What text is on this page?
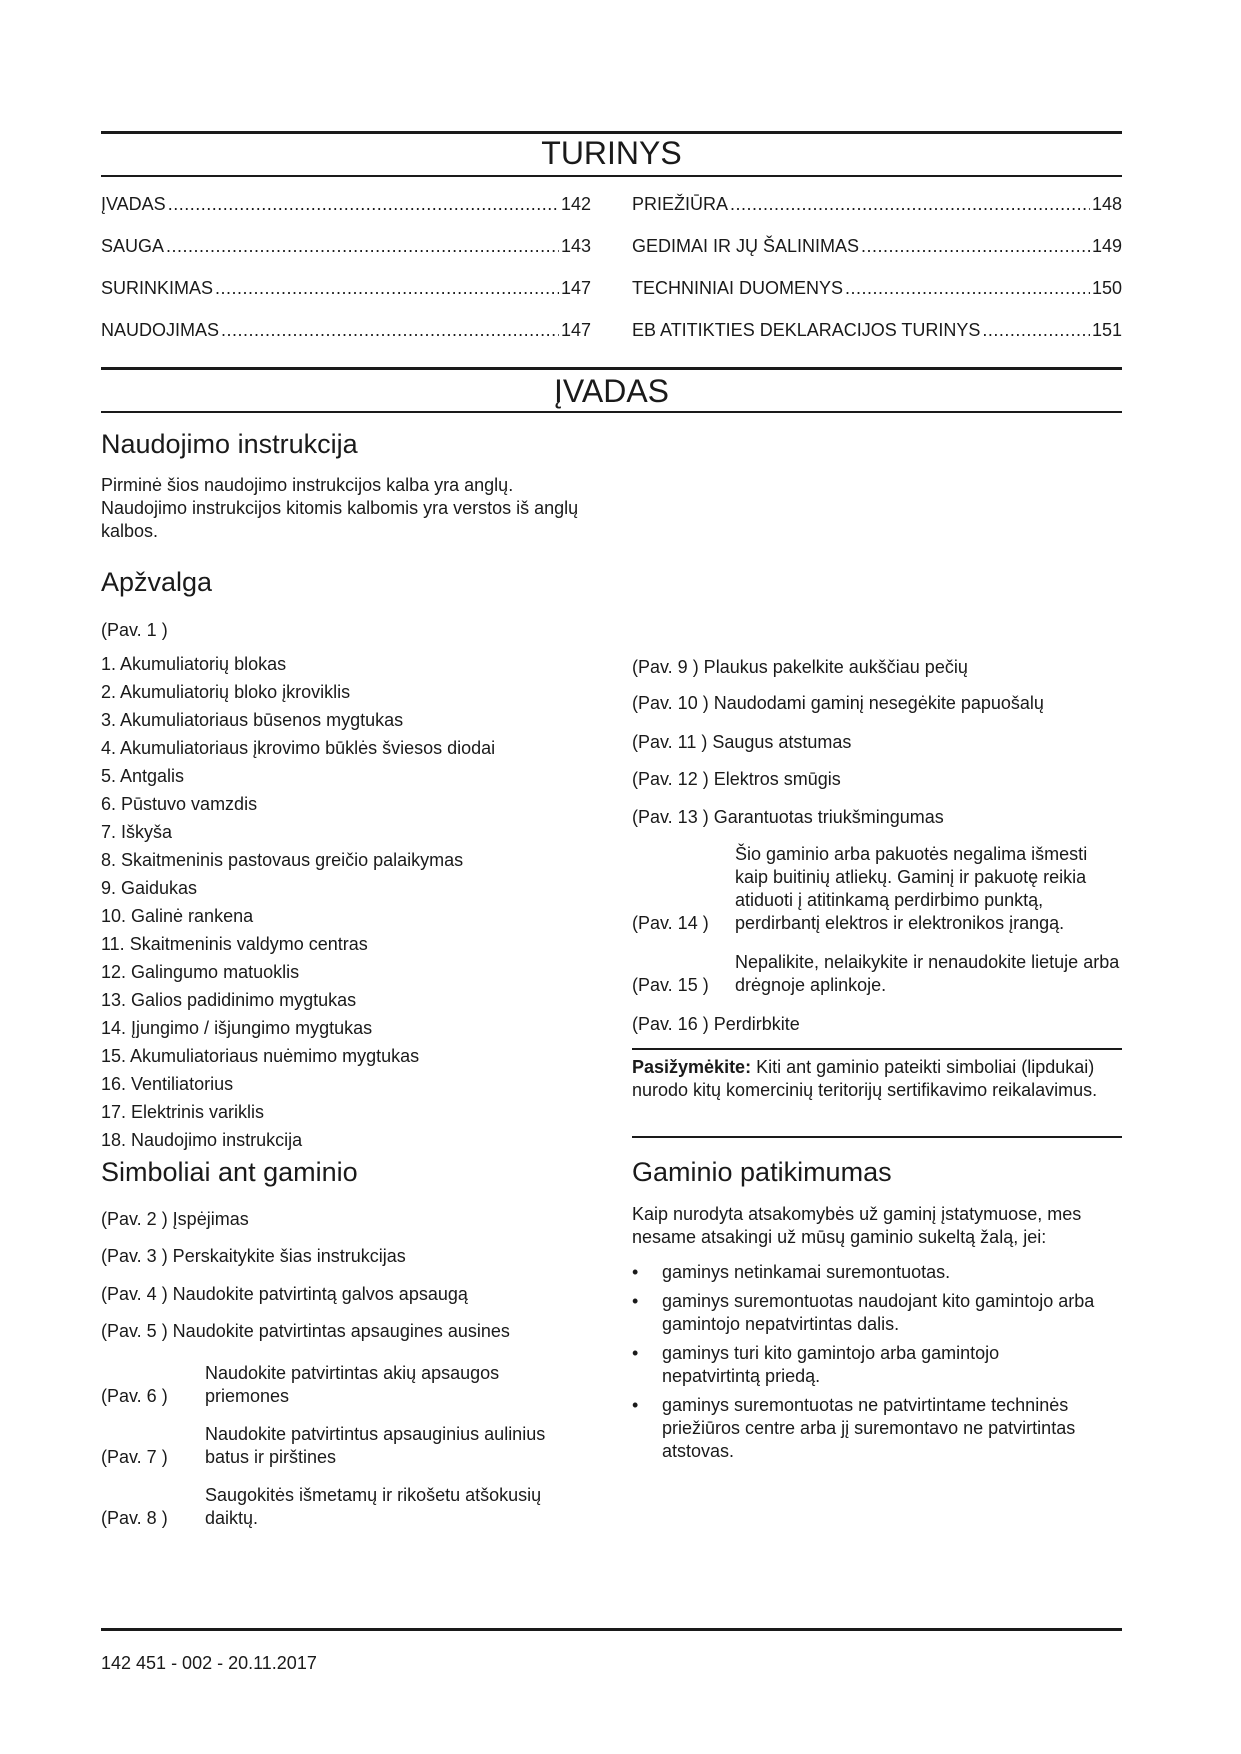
TURINYS
ĮVADAS .....	142
SAUGA .....	143
SURINKIMAS .....	147
NAUDOJIMAS .....	147
PRIEŽIŪRA .....	148
GEDIMAI IR JŲ ŠALINIMAS .....	149
TECHNINIAI DUOMENYS .....	150
EB ATITIKTIES DEKLARACIJOS TURINYS .....	151
ĮVADAS
Naudojimo instrukcija
Pirminė šios naudojimo instrukcijos kalba yra anglų. Naudojimo instrukcijos kitomis kalbomis yra verstos iš anglų kalbos.
Apžvalga
(Pav. 1 )
1. Akumuliatorių blokas
2. Akumuliatorių bloko įkroviklis
3. Akumuliatoriaus būsenos mygtukas
4. Akumuliatoriaus įkrovimo būklės šviesos diodai
5. Antgalis
6. Pūstuvo vamzdis
7. Iškyša
8. Skaitmeninis pastovaus greičio palaikymas
9. Gaidukas
10. Galinė rankena
11. Skaitmeninis valdymo centras
12. Galingumo matuoklis
13. Galios padidinimo mygtukas
14. Įjungimo / išjungimo mygtukas
15. Akumuliatoriaus nuėmimo mygtukas
16. Ventiliatorius
17. Elektrinis variklis
18. Naudojimo instrukcija
Simboliai ant gaminio
(Pav. 2 ) Įspėjimas
(Pav. 3 ) Perskaitykite šias instrukcijas
(Pav. 4 ) Naudokite patvirtintą galvos apsaugą
(Pav. 5 ) Naudokite patvirtintas apsaugines ausines
(Pav. 6 )
Naudokite patvirtintas akių apsaugos priemones
(Pav. 7 )
Naudokite patvirtintus apsauginius aulinius batus ir pirštines
(Pav. 8 )
Saugokitės išmetamų ir rikošetu atšokusių daiktų.
(Pav. 9 ) Plaukus pakelkite aukščiau pečių
(Pav. 10 ) Naudodami gaminį nesegėkite papuošalų
(Pav. 11 ) Saugus atstumas
(Pav. 12 ) Elektros smūgis
(Pav. 13 ) Garantuotas triukšmingumas
(Pav. 14 )
Šio gaminio arba pakuotės negalima išmesti kaip buitinių atliekų. Gaminį ir pakuotę reikia atiduoti į atitinkamą perdirbimo punktą, perdirbantį elektros ir elektronikos įrangą.
(Pav. 15 )
Nepalikite, nelaikykite ir nenaudokite lietuje arba drėgnoje aplinkoje.
(Pav. 16 ) Perdirbkite
Pasižymėkite: Kiti ant gaminio pateikti simboliai (lipdukai) nurodo kitų komercinių teritorijų sertifikavimo reikalavimus.
Gaminio patikimumas
Kaip nurodyta atsakomybės už gaminį įstatymuose, mes nesame atsakingi už mūsų gaminio sukeltą žalą, jei:
• gaminys netinkamai suremontuotas.
• gaminys suremontuotas naudojant kito gamintojo arba gamintojo nepatvirtintas dalis.
• gaminys turi kito gamintojo arba gamintojo nepatvirtintą priedą.
• gaminys suremontuotas ne patvirtintame techninės priežiūros centre arba jį suremontavo ne patvirtintas atstovas.
142 451 - 002 - 20.11.2017
